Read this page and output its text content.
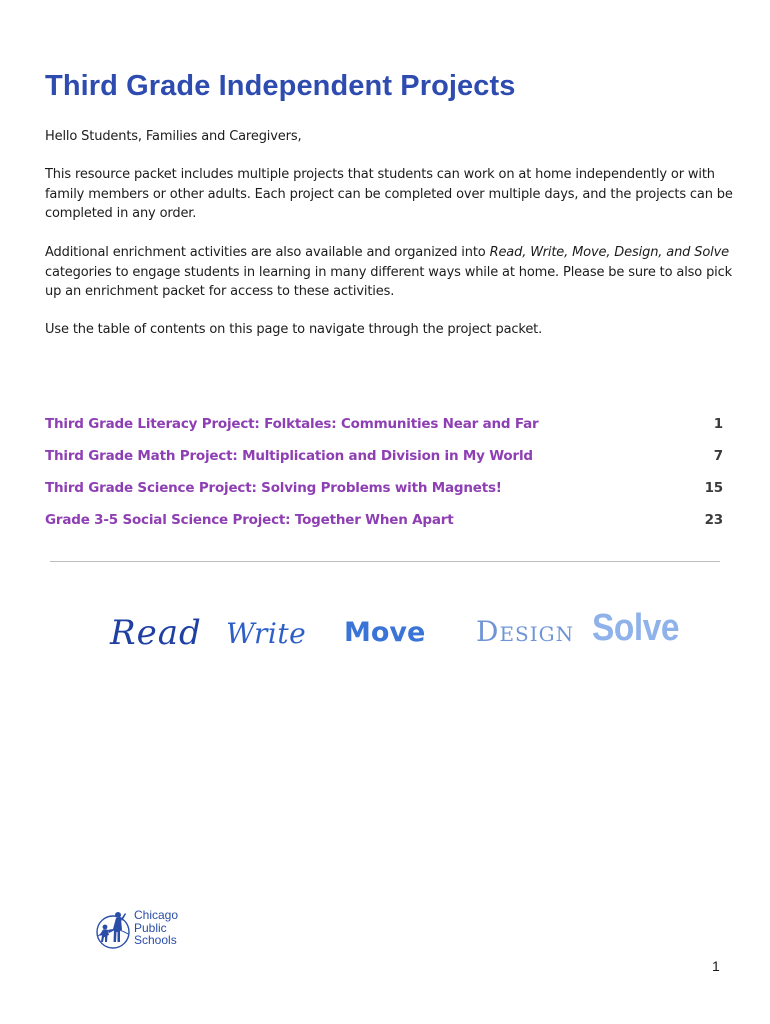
Third Grade Independent Projects

Hello Students, Families and Caregivers,

This resource packet includes multiple projects that students can work on at home independently or with family members or other adults. Each project can be completed over multiple days, and the projects can be completed in any order.

Additional enrichment activities are also available and organized into Read, Write, Move, Design, and Solve categories to engage students in learning in many different ways while at home. Please be sure to also pick up an enrichment packet for access to these activities.

Use the table of contents on this page to navigate through the project packet.

Third Grade Literacy Project: Folktales: Communities Near and Far	1
Third Grade Math Project: Multiplication and Division in My World	7
Third Grade Science Project: Solving Problems with Magnets!	15
Grade 3-5 Social Science Project: Together When Apart	23
Read Write Move Design Solve
Chicago
Public
Schools
1
